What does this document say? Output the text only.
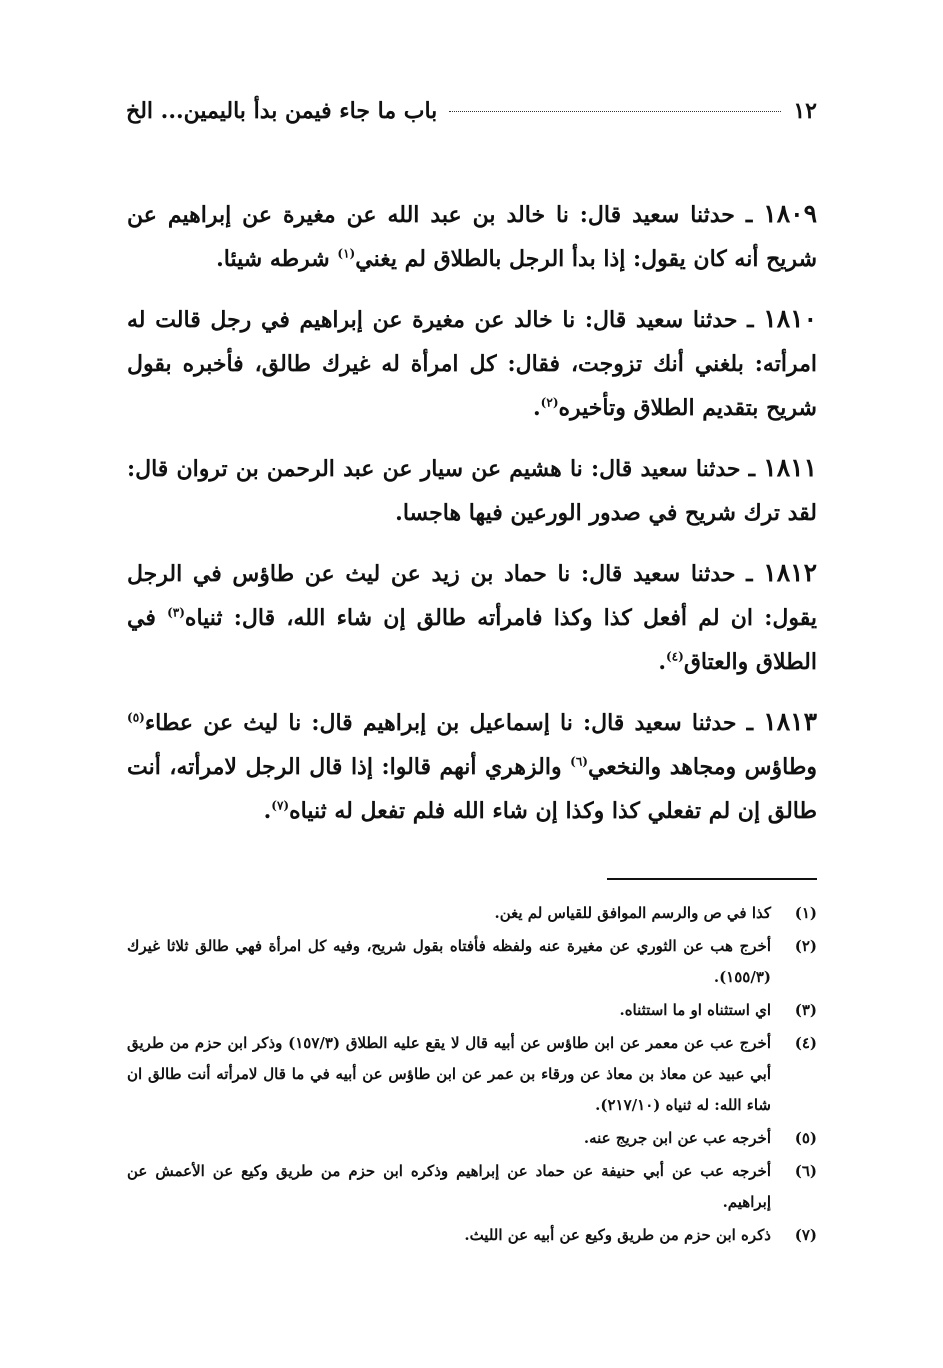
١٢
باب ما جاء فيمن بدأ باليمين... الخ

١٨٠٩ ـ حدثنا سعيد قال: نا خالد بن عبد الله عن مغيرة عن إبراهيم عن شريح أنه كان يقول: إذا بدأ الرجل بالطلاق لم يغني$^{(١)}$ شرطه شيئا.

١٨١٠ ـ حدثنا سعيد قال: نا خالد عن مغيرة عن إبراهيم في رجل قالت له امرأته: بلغني أنك تزوجت، فقال: كل امرأة له غيرك طالق، فأخبره بقول شريح بتقديم الطلاق وتأخيره$^{(٢)}$.

١٨١١ ـ حدثنا سعيد قال: نا هشيم عن سيار عن عبد الرحمن بن تروان قال: لقد ترك شريح في صدور الورعين فيها هاجسا.

١٨١٢ ـ حدثنا سعيد قال: نا حماد بن زيد عن ليث عن طاؤس في الرجل يقول: ان لم أفعل كذا وكذا فامرأته طالق إن شاء الله، قال: ثنياه$^{(٣)}$ في الطلاق والعتاق$^{(٤)}$.

١٨١٣ ـ حدثنا سعيد قال: نا إسماعيل بن إبراهيم قال: نا ليث عن عطاء$^{(٥)}$ وطاؤس ومجاهد والنخعي$^{(٦)}$ والزهري أنهم قالوا: إذا قال الرجل لامرأته، أنت طالق إن لم تفعلي كذا وكذا إن شاء الله فلم تفعل له ثنياه$^{(٧)}$.

(١)
كذا في ص والرسم الموافق للقياس لم يغن.
(٢)
أخرج هب عن الثوري عن مغيرة عنه ولفظه فأفتاه بقول شريح، وفيه كل امرأة فهي طالق ثلاثا غيرك (١٥٥/٣).
(٣)
اي استثناه او ما استثناه.
(٤)
أخرج عب عن معمر عن ابن طاؤس عن أبيه قال لا يقع عليه الطلاق (١٥٧/٣) وذكر ابن حزم من طريق أبي عبيد عن معاذ بن معاذ عن ورقاء بن عمر عن ابن طاؤس عن أبيه في ما قال لامرأته أنت طالق ان شاء الله: له ثنياه (٢١٧/١٠).
(٥)
أخرجه عب عن ابن جريج عنه.
(٦)
أخرجه عب عن أبي حنيفة عن حماد عن إبراهيم وذكره ابن حزم من طريق وكيع عن الأعمش عن إبراهيم.
(٧)
ذكره ابن حزم من طريق وكيع عن أبيه عن الليث.
